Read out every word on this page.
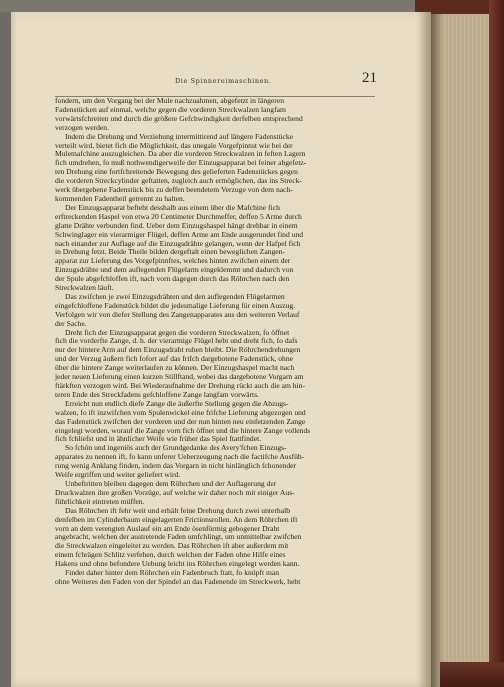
Die Spinnereimaschinen.	21
fondern, um den Vorgang bei der Mule nachzuahmen, abgefetzt in längeren
Fadenstücken auf einmal, welche gegen die vorderen Streckwalzen langfam
vorwärtsfchreiten und durch die größere Gefchwindigkeit derfelben entsprechend
verzogen werden.
Indem die Drehung und Verziehung intermittirend auf längere Fadenstücke
verteilt wird, bietet fich die Möglichkeit, das unegale Vorgefpinnst wie bei der
Mulemafchine auszugleichen. Da aber die vorderen Streckwalzen in feften Lagern
fich umdrehen, fo muß nothwendigerweife der Einzugsapparat bei feiner abgefetz-
ten Drehung eine fortfchreitende Bewegung des gelieferten Fadenstückes gegen
die vorderen Streckcylinder geftatten, zugleich auch ermöglichen, das ins Streck-
werk übergebene Fadenstück bis zu deffen beendetem Verzuge von dem nach-
kommenden Fadentheil getrennt zu halten.
Der Einzugsapparat befteht desshalb aus einem über die Mafchine fich
erftreckenden Haspel von etwa 20 Centimeter Durchmeffer, deffen 5 Arme durch
glatte Drähte verbunden find. Ueber dem Einzugshaspel hängt drehbar in einem
Schwinglager ein vierarmiger Flügel, deffen Arme am Ende ausgerundet find und
nach einander zur Auflage auf die Einzugsdrähte gelangen, wenn der Hafpel fich
in Drehung fetzt. Beide Theile bilden dergeftalt einen beweglichen Zangen-
apparat zur Lieferung des Vorgefpinnftes, welches hinten zwifchen einem der
Einzugsdrähte und dem auflegenden Flügelarm eingeklemmt und dadurch von
der Spule abgefchloffen ift, nach vorn dagegen durch das Röhrchen nach den
Streckwalzen läuft.
Das zwifchen je zwei Einzugsdrähten und den auflegenden Flügelarmen
eingefchloffene Fadenstück bildet die jedesmalige Lieferung für einen Auszug.
Verfolgen wir von diefer Stellung des Zangenapparates aus den weiteren Verlauf
der Sache.
Dreht fich der Einzugsapparat gegen die vorderen Streckwalzen, fo öffnet
fich die vorderfte Zange, d. h. der vierarmige Flügel hebt und dreht fich, fo dafs
nur der hintere Arm auf dem Einzugsdraht ruhen bleibt. Die Röhrchendrehungen
und der Verzug äußern fich fofort auf das frifch dargebotene Fadenstück, ohne
über die hintere Zange weiterlaufen zu können. Der Einzugshaspel macht nach
jeder neuen Lieferung einen kurzen Stillftand, wobei das dargebotene Vorgarn am
ftärkften verzogen wird. Bei Wiederaufnahme der Drehung rückt auch die am hin-
teren Ende des Streckfadens gefchloffene Zange langfam vorwärts.
Erreicht nun endlich diefe Zange die äußerfte Stellung gegen die Abzugs-
walzen, fo ift inzwifchen vom Spulenwickel eine frifche Lieferung abgezogen und
das Fadenstück zwifchen der vorderen und der nun hinten neu einfetzenden Zange
eingelegt worden, worauf die Zange vorn fich öffnet und die hintere Zange vollends
fich fchliefst und in ähnlicher Weife wie früher das Spiel ftattfindet.
So fchön und ingeniös auch der Grundgedanke des Avery'fchen Einzugs-
apparates zu nennen ift, fo kann unferer Ueberzeugung nach die factifche Ausfüh-
rung wenig Anklang finden, indem das Vorgarn in nicht hinlänglich fchonender
Weife ergriffen und weiter geliefert wird.
Unbeftritten bleiben dagegen dem Röhrchen und der Auflagerung der
Druckwalzen ihre großen Vorzüge, auf welche wir daher noch mit einiger Aus-
führlichkeit eintreten müffen.
Das Röhrchen ift fehr weit und erhält feine Drehung durch zwei unterhalb
denfelben im Cylinderbaum eingelagerten Frictionsrollen. An dem Röhrchen ift
vorn an dem verengten Auslauf ein am Ende ösenförmig gebogener Draht
angebracht, welchen der austretende Faden umfchlingt, um unmittelbar zwifchen
die Streckwalzen eingeleitet zu werden. Das Röhrchen ift aber außerdem mit
einem fchrägen Schlitz verfehen, durch welchen der Faden ohne Hilfe eines
Hakens und ohne befondere Uebung leicht ins Röhrchen eingelegt werden kann.
Findet daher hinter dem Röhrchen ein Fadenbruch ftatt, fo knüpft man
ohne Weiteres den Faden von der Spindel an das Fadenende im Streckwerk, hebt
